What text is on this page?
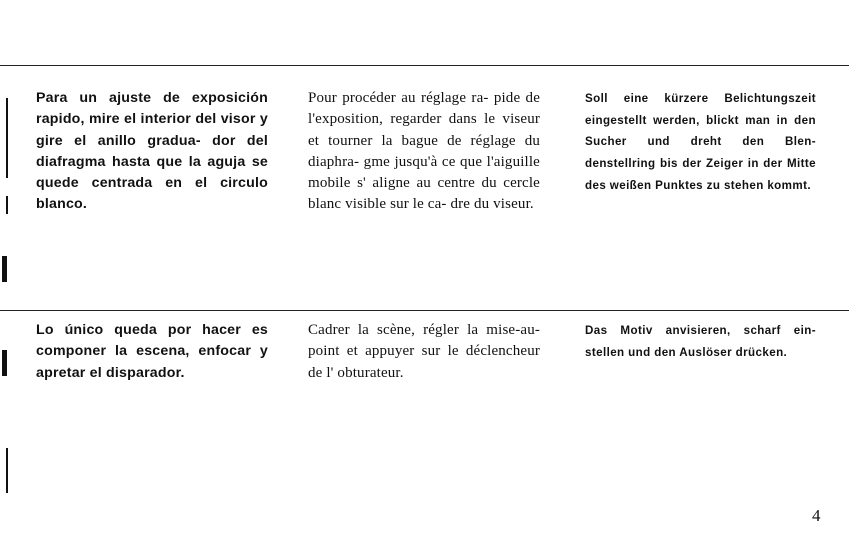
Para un ajuste de exposición rapido, mire el interior del visor y gire el anillo gradua- dor del diafragma hasta que la aguja se quede centrada en el circulo blanco.

Pour procéder au réglage ra- pide de l'exposition, regarder dans le viseur et tourner la bague de réglage du diaphra- gme jusqu'à ce que l'aiguille mobile s' aligne au centre du cercle blanc visible sur le ca- dre du viseur.

Soll eine kürzere Belichtungszeit eingestellt werden, blickt man in den Sucher und dreht den Blen- denstellring bis der Zeiger in der Mitte des weißen Punktes zu stehen kommt.

Lo único queda por hacer es componer la escena, enfocar y apretar el disparador.

Cadrer la scène, régler la mise-au-point et appuyer sur le déclencheur de l' obturateur.

Das Motiv anvisieren, scharf ein- stellen und den Auslöser drücken.

4
